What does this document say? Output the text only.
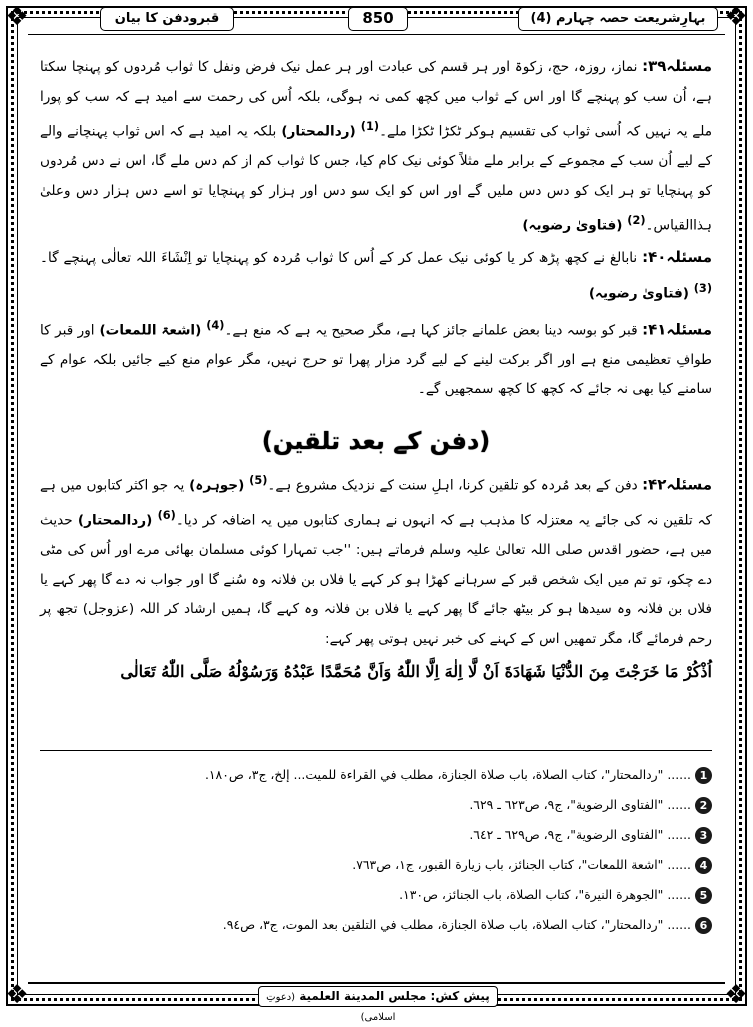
❖	❖
❖	❖
قبرودفن کا بیان	850	بہارِشریعت حصہ چہارم (4)

مسئلہ۳۹: نماز، روزہ، حج، زکوۃ اور ہر قسم کی عبادت اور ہر عمل نیک فرض ونفل کا ثواب مُردوں کو پہنچا سکتا ہے، اُن سب کو پہنچے گا اور اس کے ثواب میں کچھ کمی نہ ہوگی، بلکہ اُس کی رحمت سے امید ہے کہ سب کو پورا ملے یہ نہیں کہ اُسی ثواب کی تقسیم ہوکر ٹکڑا ٹکڑا ملے۔$^{(1)}$ (ردالمحتار) بلکہ یہ امید ہے کہ اس ثواب پہنچانے والے کے لیے اُن سب کے مجموعے کے برابر ملے مثلاً کوئی نیک کام کیا، جس کا ثواب کم از کم دس ملے گا، اس نے دس مُردوں کو پہنچایا تو ہر ایک کو دس دس ملیں گے اور اس کو ایک سو دس اور ہزار کو پہنچایا تو اسے دس ہزار دس وعلیٰ ہذاالقیاس۔$^{(2)}$ (فتاویٰ رضویہ)

مسئلہ۴۰: نابالغ نے کچھ پڑھ کر یا کوئی نیک عمل کر کے اُس کا ثواب مُردہ کو پہنچایا تو اِنْشَاءَ اللہ تعالٰی پہنچے گا۔$^{(3)}$ (فتاویٰ رضویہ)

مسئلہ۴۱: قبر کو بوسہ دینا بعض علمانے جائز کہا ہے، مگر صحیح یہ ہے کہ منع ہے۔$^{(4)}$ (اشعۃ اللمعات) اور قبر کا طوافِ تعظیمی منع ہے اور اگر برکت لینے کے لیے گرد مزار پھرا تو حرج نہیں، مگر عوام منع کیے جائیں بلکہ عوام کے سامنے کیا بھی نہ جائے کہ کچھ کا کچھ سمجھیں گے۔

(دفن کے بعد تلقین)

مسئلہ۴۲: دفن کے بعد مُردہ کو تلقین کرنا، اہلِ سنت کے نزدیک مشروع ہے۔$^{(5)}$ (جوہرہ) یہ جو اکثر کتابوں میں ہے کہ تلقین نہ کی جائے یہ معتزلہ کا مذہب ہے کہ انہوں نے ہماری کتابوں میں یہ اضافہ کر دیا۔$^{(6)}$ (ردالمحتار) حدیث میں ہے، حضور اقدس صلی اللہ تعالیٰ علیہ وسلم فرماتے ہیں: ''جب تمہارا کوئی مسلمان بھائی مرے اور اُس کی مٹی دے چکو، تو تم میں ایک شخص قبر کے سرہانے کھڑا ہو کر کہے یا فلاں بن فلانہ وہ سُنے گا اور جواب نہ دے گا پھر کہے یا فلاں بن فلانہ وہ سیدھا ہو کر بیٹھ جائے گا پھر کہے یا فلاں بن فلانہ وہ کہے گا، ہمیں ارشاد کر اللہ (عزوجل) تجھ پر رحم فرمائے گا، مگر تمھیں اس کے کہنے کی خبر نہیں ہوتی پھر کہے:

اُذْكُرْ مَا خَرَجْتَ مِنَ الدُّنْيَا شَهَادَةَ اَنْ لَّا اِلٰهَ اِلَّا اللّٰهُ وَاَنَّ مُحَمَّدًا عَبْدُهُ وَرَسُوْلُهُ صَلَّى اللّٰهُ تَعَالٰى

1
......
"ردالمحتار"، كتاب الصلاة، باب صلاة الجنازة، مطلب في القراءة للميت... إلخ، ج٣، ص١٨٠.
2
......
"الفتاوى الرضوية"، ج٩، ص٦٢٣ ـ ٦٢٩.
3
......
"الفتاوى الرضوية"، ج٩، ص٦٢٩ ـ ٦٤٢.
4
......
"اشعة اللمعات"، كتاب الجنائز، باب زيارة القبور، ج١، ص٧٦٣.
5
......
"الجوهرة النيرة"، كتاب الصلاة، باب الجنائز، ص١٣٠.
6
......
"ردالمحتار"، كتاب الصلاة، باب صلاة الجنازة، مطلب في التلقين بعد الموت، ج٣، ص٩٤.
پیش کش: مجلس المدينة العلمية (دعوتِ اسلامی)
